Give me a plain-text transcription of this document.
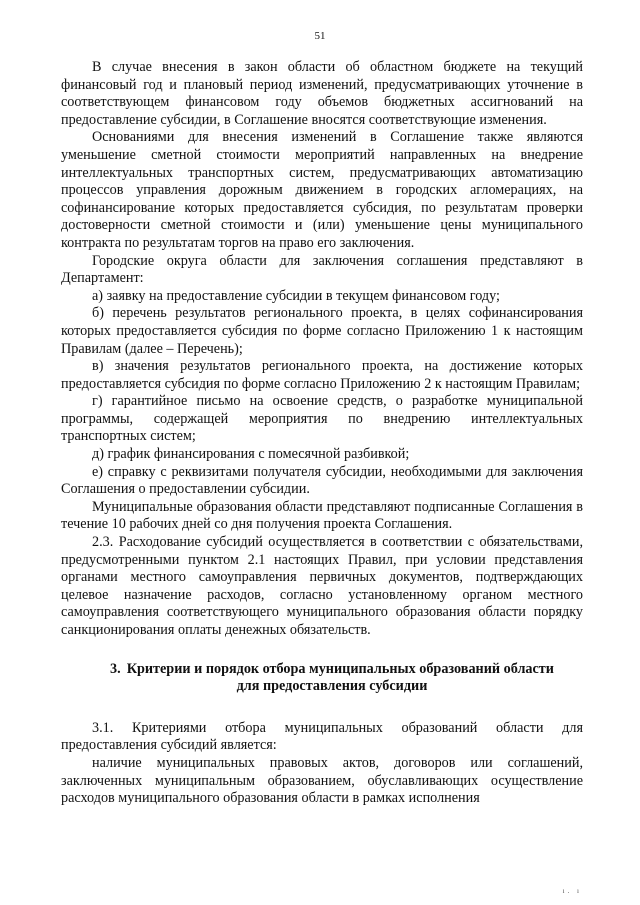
51

В случае внесения в закон области об областном бюджете на текущий финансовый год и плановый период изменений, предусматривающих уточнение в соответствующем финансовом году объемов бюджетных ассигнований на предоставление субсидии, в Соглашение вносятся соответствующие изменения.

Основаниями для внесения изменений в Соглашение также являются уменьшение сметной стоимости мероприятий направленных на внедрение интеллектуальных транспортных систем, предусматривающих автоматизацию процессов управления дорожным движением в городских агломерациях, на софинансирование которых предоставляется субсидия, по результатам проверки достоверности сметной стоимости и (или) уменьшение цены муниципального контракта по результатам торгов на право его заключения.

Городские округа области для заключения соглашения представляют в Департамент:

а) заявку на предоставление субсидии в текущем финансовом году;

б) перечень результатов регионального проекта, в целях софинансирования которых предоставляется субсидия по форме согласно Приложению 1 к настоящим Правилам (далее – Перечень);

в) значения результатов регионального проекта, на достижение которых предоставляется субсидия по форме согласно Приложению 2 к настоящим Правилам;

г) гарантийное письмо на освоение средств, о разработке муниципальной программы, содержащей мероприятия по внедрению интеллектуальных транспортных систем;

д) график финансирования с помесячной разбивкой;

е) справку с реквизитами получателя субсидии, необходимыми для заключения Соглашения о предоставлении субсидии.

Муниципальные образования области представляют подписанные Соглашения в течение 10 рабочих дней со дня получения проекта Соглашения.

2.3. Расходование субсидий осуществляется в соответствии с обязательствами, предусмотренными пунктом 2.1 настоящих Правил, при условии представления органами местного самоуправления первичных документов, подтверждающих целевое назначение расходов, согласно установленному органом местного самоуправления соответствующего муниципального образования области порядку санкционирования оплаты денежных обязательств.

3. Критерии и порядок отбора муниципальных образований области
для предоставления субсидии

3.1. Критериями отбора муниципальных образований области для предоставления субсидий является:

наличие муниципальных правовых актов, договоров или соглашений, заключенных муниципальным образованием, обуславливающих осуществление расходов муниципального образования области в рамках исполнения

ı. ı
